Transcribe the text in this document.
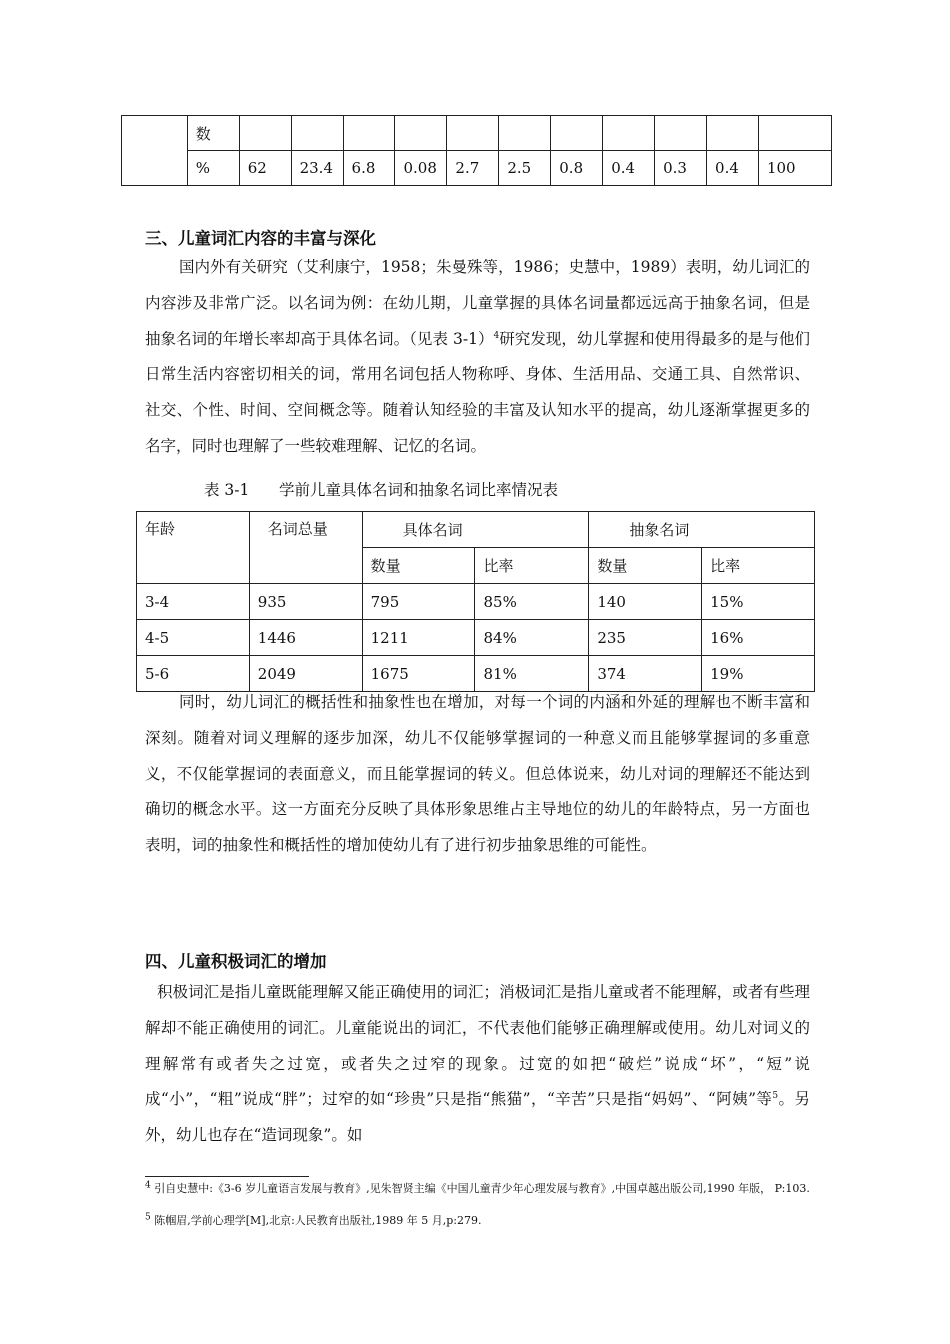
	数											
	%	62	23.4	6.8	0.08	2.7	2.5	0.8	0.4	0.3	0.4	100
三、儿童词汇内容的丰富与深化

国内外有关研究（艾利康宁，1958；朱曼殊等，1986；史慧中，1989）表明，幼儿词汇的内容涉及非常广泛。以名词为例：在幼儿期，儿童掌握的具体名词量都远远高于抽象名词，但是抽象名词的年增长率却高于具体名词。（见表 3-1）$^4$研究发现，幼儿掌握和使用得最多的是与他们日常生活内容密切相关的词，常用名词包括人物称呼、身体、生活用品、交通工具、自然常识、社交、个性、时间、空间概念等。随着认知经验的丰富及认知水平的提高，幼儿逐渐掌握更多的名字，同时也理解了一些较难理解、记忆的名词。

表 3-1      学前儿童具体名词和抽象名词比率情况表

年龄	名词总量	具体名词		抽象名词	
		数量	比率	数量	比率
3-4	935	795	85%	140	15%
4-5	1446	1211	84%	235	16%
5-6	2049	1675	81%	374	19%

同时，幼儿词汇的概括性和抽象性也在增加，对每一个词的内涵和外延的理解也不断丰富和深刻。随着对词义理解的逐步加深，幼儿不仅能够掌握词的一种意义而且能够掌握词的多重意义，不仅能掌握词的表面意义，而且能掌握词的转义。但总体说来，幼儿对词的理解还不能达到确切的概念水平。这一方面充分反映了具体形象思维占主导地位的幼儿的年龄特点，另一方面也表明，词的抽象性和概括性的增加使幼儿有了进行初步抽象思维的可能性。

四、儿童积极词汇的增加

积极词汇是指儿童既能理解又能正确使用的词汇；消极词汇是指儿童或者不能理解，或者有些理解却不能正确使用的词汇。儿童能说出的词汇，不代表他们能够正确理解或使用。幼儿对词义的理解常有或者失之过宽，或者失之过窄的现象。过宽的如把“破烂”说成“坏”，“短”说成“小”，“粗”说成“胖”；过窄的如“珍贵”只是指“熊猫”，“辛苦”只是指“妈妈”、“阿姨”等$^5$。另外，幼儿也存在“造词现象”。如

$^4$ 引自史慧中:《3-6 岁儿童语言发展与教育》,见朱智贤主编《中国儿童青少年心理发展与教育》,中国卓越出版公司,1990 年版， P:103.

$^5$ 陈帼眉,学前心理学[M],北京:人民教育出版社,1989 年 5 月,p:279.
